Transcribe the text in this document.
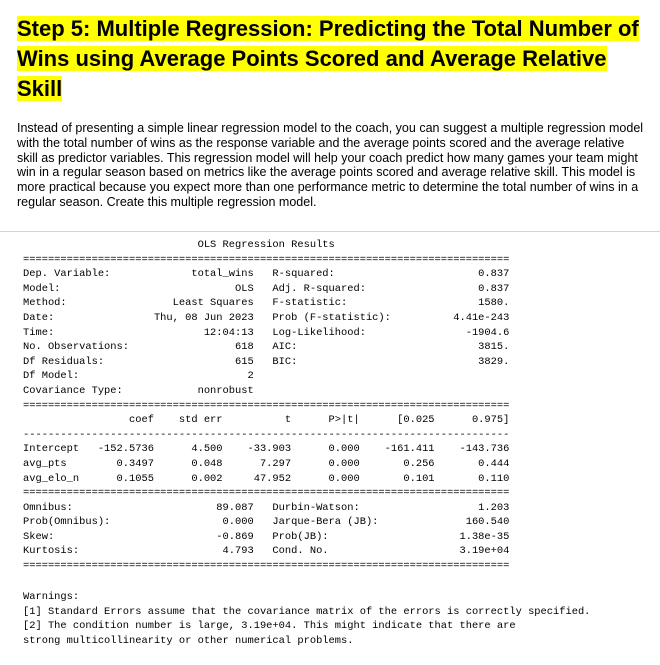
Step 5: Multiple Regression: Predicting the Total Number of
Wins using Average Points Scored and Average Relative
Skill

Instead of presenting a simple linear regression model to the coach, you can suggest a multiple regression model with the total number of wins as the response variable and the average points scored and the average relative skill as predictor variables. This regression model will help your coach predict how many games your team might win in a regular season based on metrics like the average points scored and average relative skill. This model is more practical because you expect more than one performance metric to determine the total number of wins in a regular season. Create this multiple regression model.

OLS Regression Results
==============================================================================
Dep. Variable:             total_wins   R-squared:                       0.837
Model:                            OLS   Adj. R-squared:                  0.837
Method:                 Least Squares   F-statistic:                     1580.
Date:                Thu, 08 Jun 2023   Prob (F-statistic):          4.41e-243
Time:                        12:04:13   Log-Likelihood:                -1904.6
No. Observations:                 618   AIC:                             3815.
Df Residuals:                     615   BIC:                             3829.
Df Model:                           2
Covariance Type:            nonrobust
==============================================================================
coef    std err          t      P>|t|      [0.025      0.975]
------------------------------------------------------------------------------
Intercept   -152.5736      4.500    -33.903      0.000    -161.411    -143.736
avg_pts        0.3497      0.048      7.297      0.000       0.256       0.444
avg_elo_n      0.1055      0.002     47.952      0.000       0.101       0.110
==============================================================================
Omnibus:                       89.087   Durbin-Watson:                   1.203
Prob(Omnibus):                  0.000   Jarque-Bera (JB):              160.540
Skew:                          -0.869   Prob(JB):                     1.38e-35
Kurtosis:                       4.793   Cond. No.                     3.19e+04
==============================================================================
Warnings:
[1] Standard Errors assume that the covariance matrix of the errors is correctly specified.
[2] The condition number is large, 3.19e+04. This might indicate that there are
strong multicollinearity or other numerical problems.
